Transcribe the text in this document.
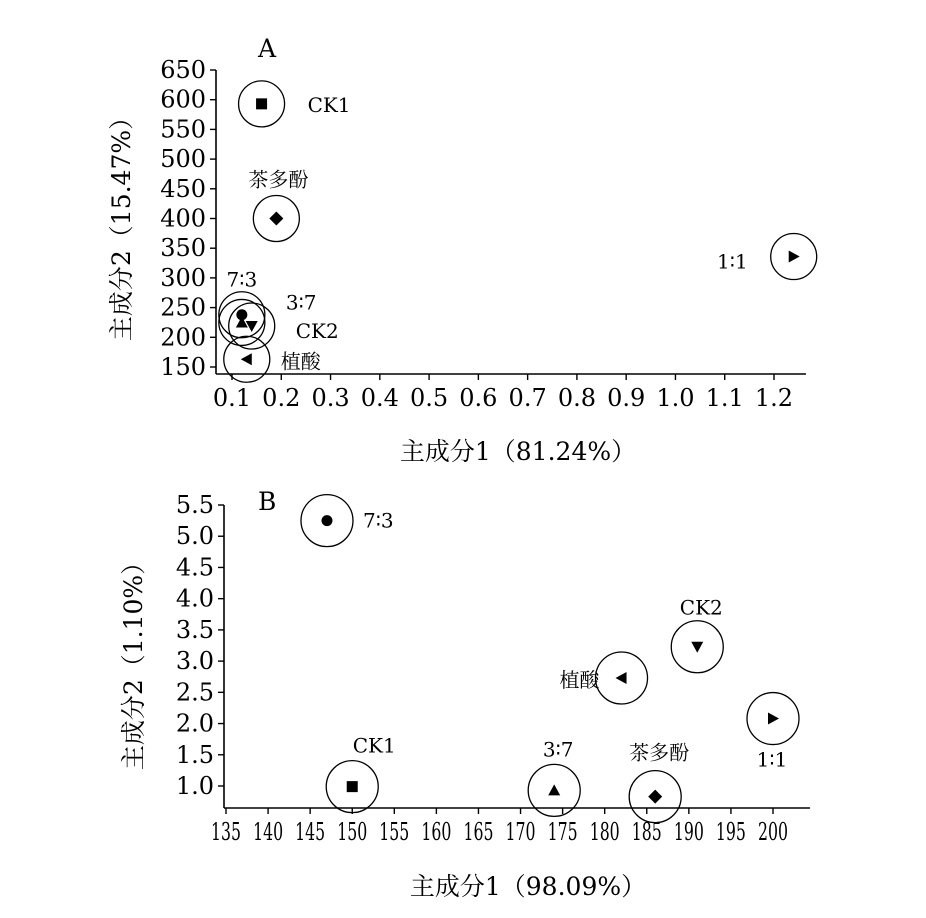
A
0.1 0.2 0.3 0.4 0.5 0.6 0.7 0.8 0.9 1.0 1.1 1.2
150
200
250
300
350
400
450
500
550
600
650
CK1
茶多酚
1∶1
7∶3
3∶7
CK2
植酸
主成分1（81.24%）
主成分2（15.47%）
B
135 140 145 150 155 160 165 170 175 180 185 190 195 200
1.0
1.5
2.0
2.5
3.0
3.5
4.0
4.5
5.0
5.5
7∶3
CK2
植酸
1∶1
CK1	3∶7	茶多酚
主成分1（98.09%）
主成分2（1.10%）
